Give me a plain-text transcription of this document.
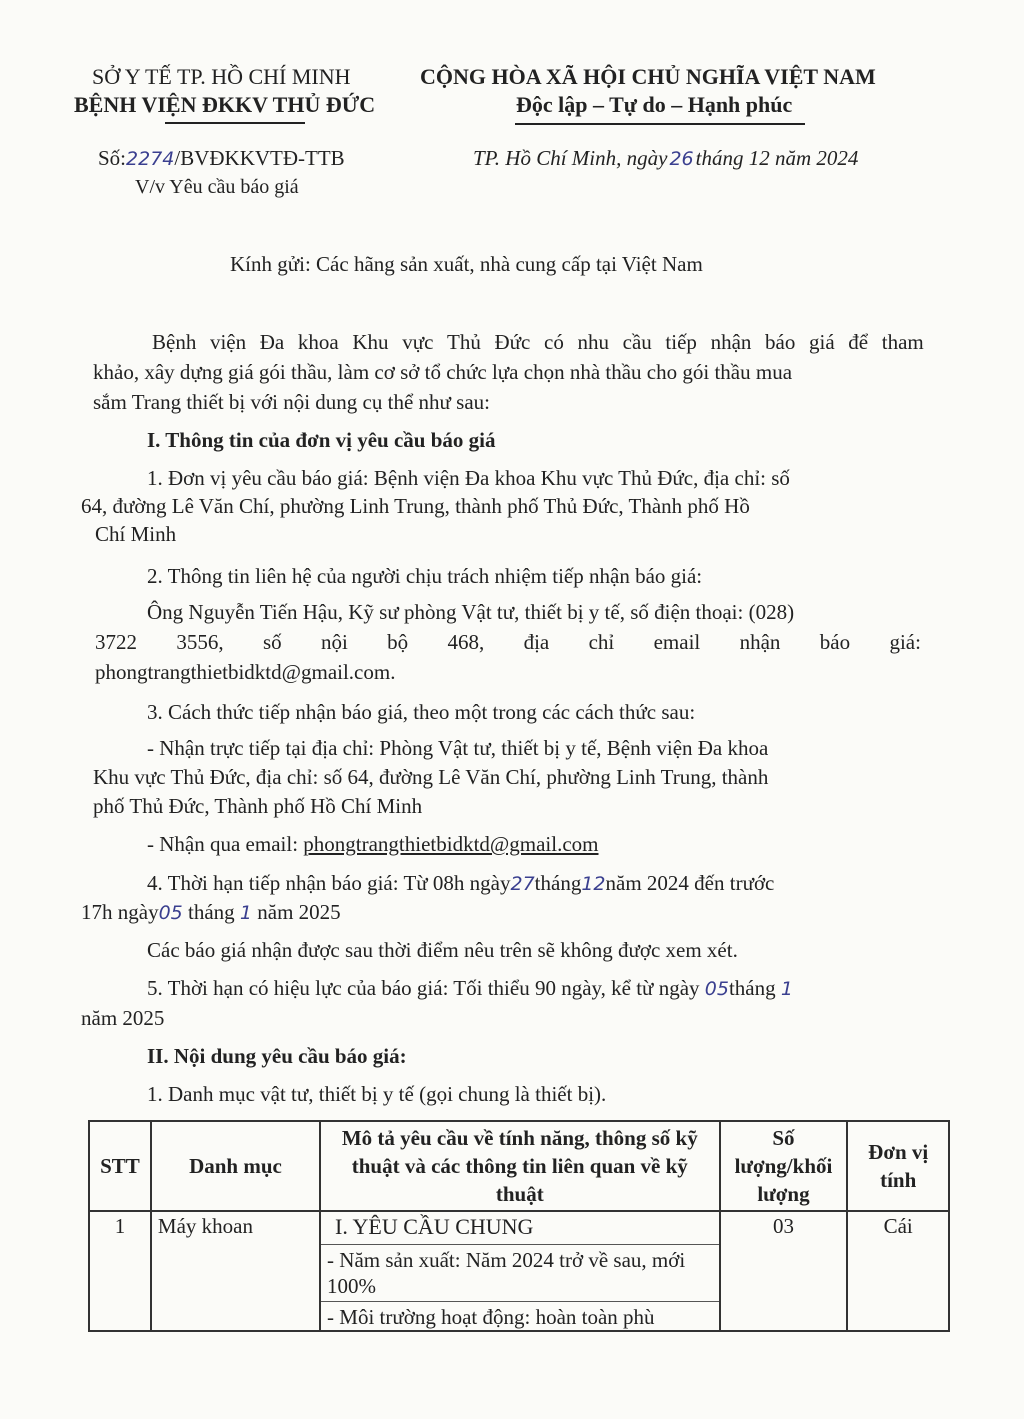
SỞ Y TẾ TP. HỒ CHÍ MINH
BỆNH VIỆN ĐKKV THỦ ĐỨC
CỘNG HÒA XÃ HỘI CHỦ NGHĨA VIỆT NAM
Độc lập – Tự do – Hạnh phúc
Số:2274/BVĐKKVTĐ-TTB
V/v Yêu cầu báo giá
TP. Hồ Chí Minh, ngày 26tháng 12 năm 2024
Kính gửi: Các hãng sản xuất, nhà cung cấp tại Việt Nam
Bệnh viện Đa khoa Khu vực Thủ Đức có nhu cầu tiếp nhận báo giá để tham
khảo, xây dựng giá gói thầu, làm cơ sở tổ chức lựa chọn nhà thầu cho gói thầu mua
sắm Trang thiết bị với nội dung cụ thể như sau:
I. Thông tin của đơn vị yêu cầu báo giá
1. Đơn vị yêu cầu báo giá: Bệnh viện Đa khoa Khu vực Thủ Đức, địa chỉ: số
64, đường Lê Văn Chí, phường Linh Trung, thành phố Thủ Đức, Thành phố Hồ
Chí Minh
2. Thông tin liên hệ của người chịu trách nhiệm tiếp nhận báo giá:
Ông Nguyễn Tiến Hậu, Kỹ sư phòng Vật tư, thiết bị y tế, số điện thoại: (028)
3722 3556, số nội bộ 468, địa chỉ email nhận báo giá:
phongtrangthietbidktd@gmail.com.
3. Cách thức tiếp nhận báo giá, theo một trong các cách thức sau:
- Nhận trực tiếp tại địa chỉ: Phòng Vật tư, thiết bị y tế, Bệnh viện Đa khoa
Khu vực Thủ Đức, địa chỉ: số 64, đường Lê Văn Chí, phường Linh Trung, thành
phố Thủ Đức, Thành phố Hồ Chí Minh
- Nhận qua email: phongtrangthietbidktd@gmail.com
4. Thời hạn tiếp nhận báo giá: Từ 08h ngày27tháng12năm 2024 đến trước
17h ngày05 tháng 1 năm 2025
Các báo giá nhận được sau thời điểm nêu trên sẽ không được xem xét.
5. Thời hạn có hiệu lực của báo giá: Tối thiểu 90 ngày, kể từ ngày 05tháng 1
năm 2025
II. Nội dung yêu cầu báo giá:
1. Danh mục vật tư, thiết bị y tế (gọi chung là thiết bị).
STT	Danh mục	Mô tả yêu cầu về tính năng, thông số kỹ thuật và các thông tin liên quan về kỹ thuật	Số lượng/khối lượng	Đơn vị tính
1	Máy khoan	I. YÊU CẦU CHUNG
- Năm sản xuất: Năm 2024 trở về sau, mới 100%
- Môi trường hoạt động: hoàn toàn phù	03	Cái
